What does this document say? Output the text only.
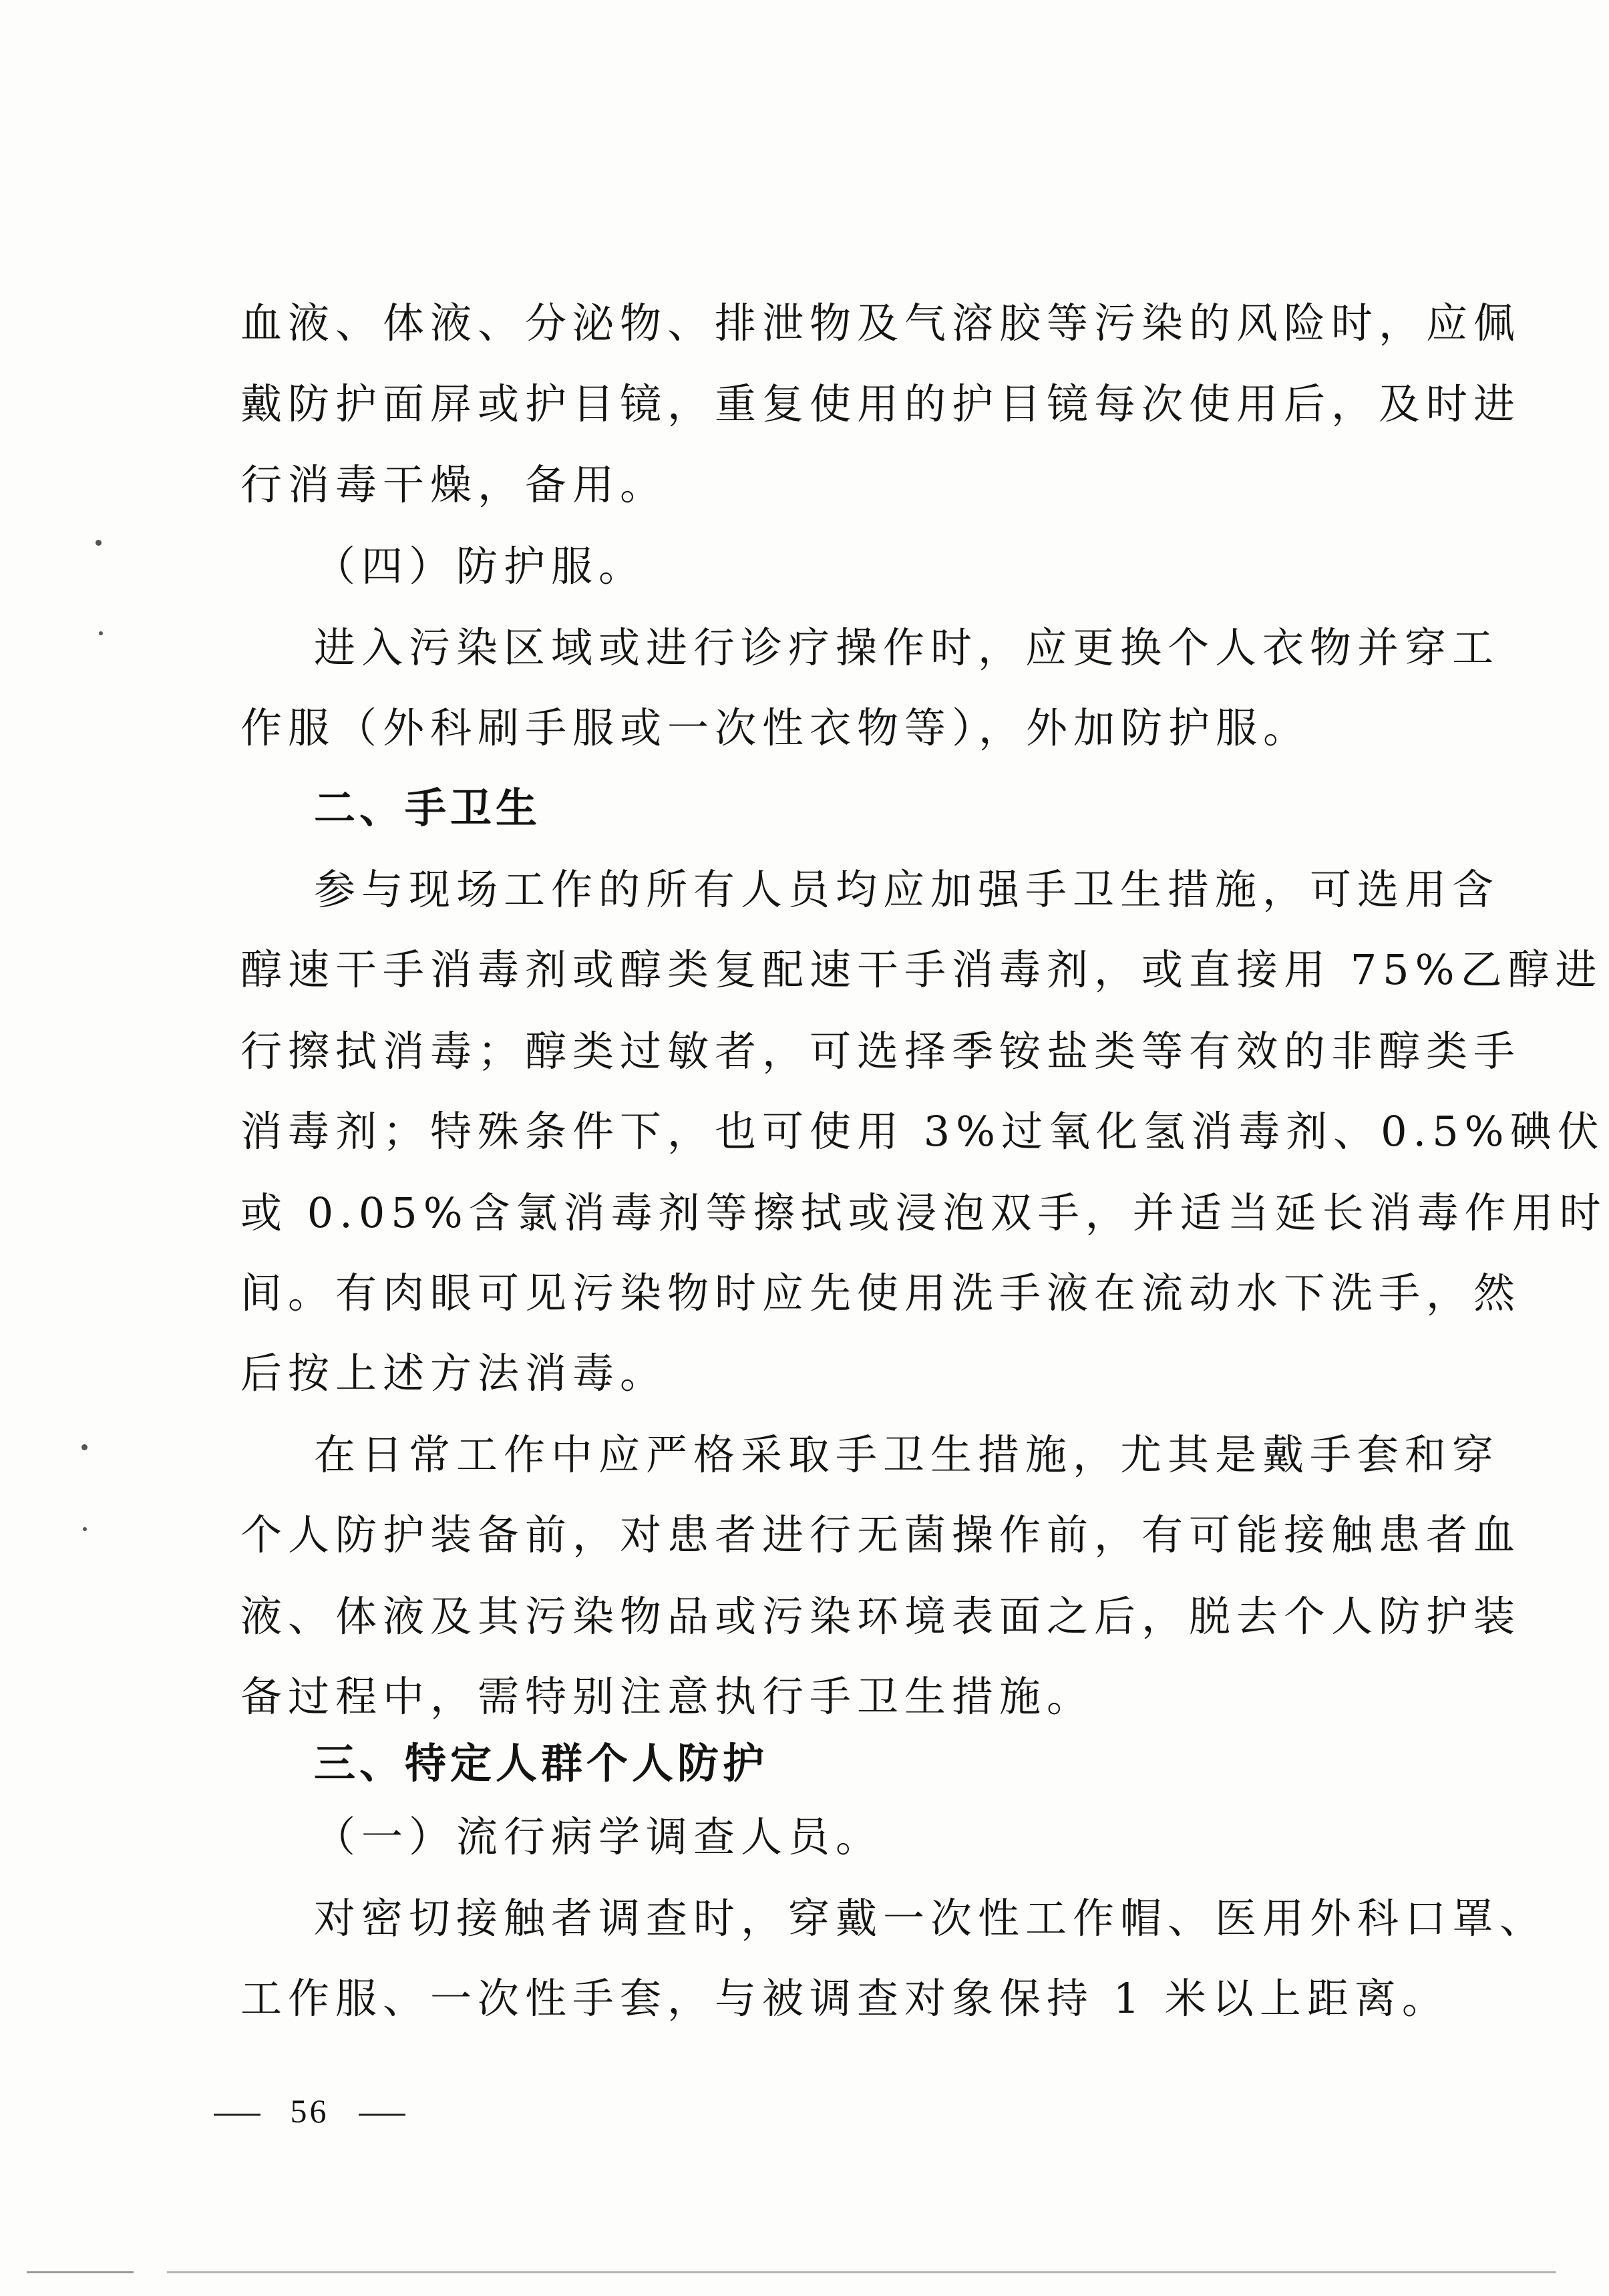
血液、体液、分泌物、排泄物及气溶胶等污染的风险时，应佩
戴防护面屏或护目镜，重复使用的护目镜每次使用后，及时进
行消毒干燥，备用。
（四）防护服。
进入污染区域或进行诊疗操作时，应更换个人衣物并穿工
作服（外科刷手服或一次性衣物等），外加防护服。
二、手卫生
参与现场工作的所有人员均应加强手卫生措施，可选用含
醇速干手消毒剂或醇类复配速干手消毒剂，或直接用 75%乙醇进
行擦拭消毒；醇类过敏者，可选择季铵盐类等有效的非醇类手
消毒剂；特殊条件下，也可使用 3%过氧化氢消毒剂、0.5%碘伏
或 0.05%含氯消毒剂等擦拭或浸泡双手，并适当延长消毒作用时
间。有肉眼可见污染物时应先使用洗手液在流动水下洗手，然
后按上述方法消毒。
在日常工作中应严格采取手卫生措施，尤其是戴手套和穿
个人防护装备前，对患者进行无菌操作前，有可能接触患者血
液、体液及其污染物品或污染环境表面之后，脱去个人防护装
备过程中，需特别注意执行手卫生措施。
三、特定人群个人防护
（一）流行病学调查人员。
对密切接触者调查时，穿戴一次性工作帽、医用外科口罩、
工作服、一次性手套，与被调查对象保持 1 米以上距离。
56
